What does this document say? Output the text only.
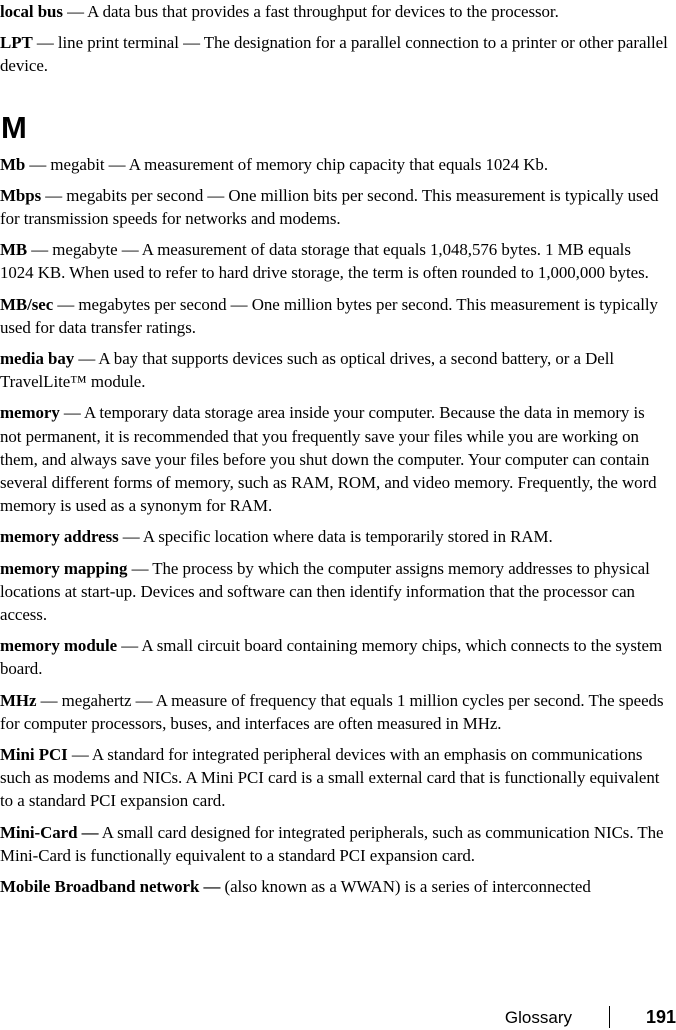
local bus — A data bus that provides a fast throughput for devices to the processor.

LPT — line print terminal — The designation for a parallel connection to a printer or other parallel device.

M

Mb — megabit — A measurement of memory chip capacity that equals 1024 Kb.

Mbps — megabits per second — One million bits per second. This measurement is typically used for transmission speeds for networks and modems.

MB — megabyte — A measurement of data storage that equals 1,048,576 bytes. 1 MB equals 1024 KB. When used to refer to hard drive storage, the term is often rounded to 1,000,000 bytes.

MB/sec — megabytes per second — One million bytes per second. This measurement is typically used for data transfer ratings.

media bay — A bay that supports devices such as optical drives, a second battery, or a Dell TravelLite™ module.

memory — A temporary data storage area inside your computer. Because the data in memory is not permanent, it is recommended that you frequently save your files while you are working on them, and always save your files before you shut down the computer. Your computer can contain several different forms of memory, such as RAM, ROM, and video memory. Frequently, the word memory is used as a synonym for RAM.

memory address — A specific location where data is temporarily stored in RAM.

memory mapping — The process by which the computer assigns memory addresses to physical locations at start-up. Devices and software can then identify information that the processor can access.

memory module — A small circuit board containing memory chips, which connects to the system board.

MHz — megahertz — A measure of frequency that equals 1 million cycles per second. The speeds for computer processors, buses, and interfaces are often measured in MHz.

Mini PCI — A standard for integrated peripheral devices with an emphasis on communications such as modems and NICs. A Mini PCI card is a small external card that is functionally equivalent to a standard PCI expansion card.

Mini-Card — A small card designed for integrated peripherals, such as communication NICs. The Mini-Card is functionally equivalent to a standard PCI expansion card.

Mobile Broadband network — (also known as a WWAN) is a series of interconnected

Glossary	191
